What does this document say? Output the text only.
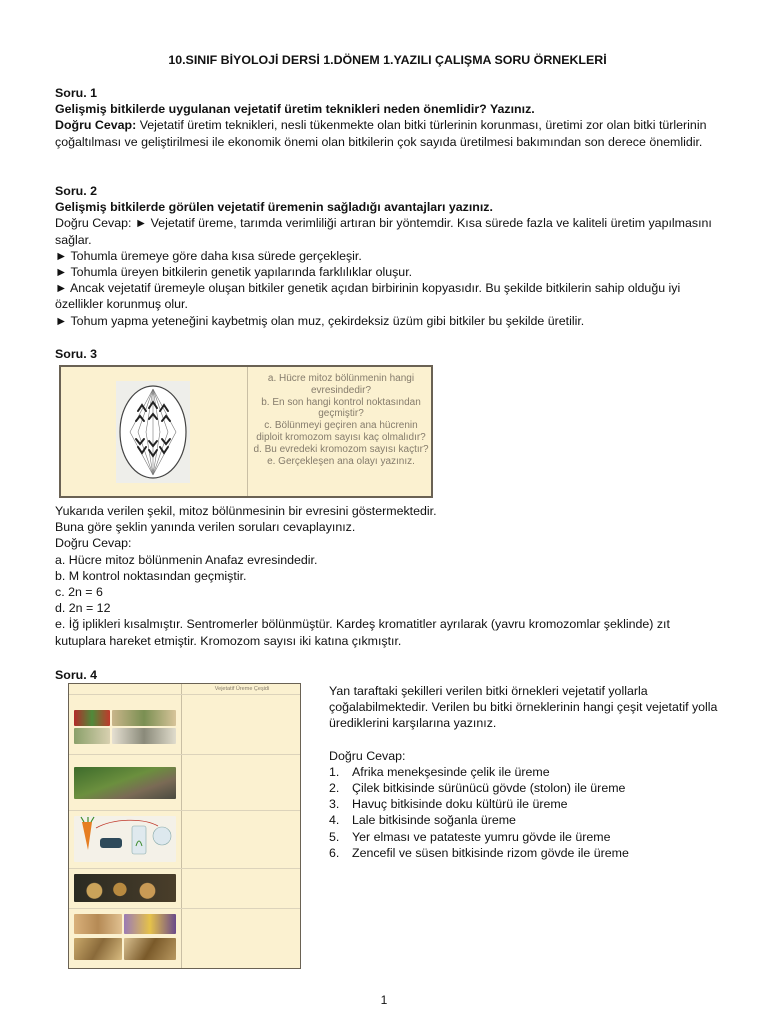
10.SINIF BİYOLOJİ DERSİ 1.DÖNEM 1.YAZILI ÇALIŞMA SORU ÖRNEKLERİ

Soru. 1

Gelişmiş bitkilerde uygulanan vejetatif üretim teknikleri neden önemlidir? Yazınız.

Doğru Cevap: Vejetatif üretim teknikleri, nesli tükenmekte olan bitki türlerinin korunması, üretimi zor olan bitki türlerinin çoğaltılması ve geliştirilmesi ile ekonomik önemi olan bitkilerin çok sayıda üretilmesi bakımından son derece önemlidir.

Soru. 2

Gelişmiş bitkilerde görülen vejetatif üremenin sağladığı avantajları yazınız.

Doğru Cevap: ► Vejetatif üreme, tarımda verimliliği artıran bir yöntemdir. Kısa sürede fazla ve kaliteli üretim yapılmasını sağlar.

► Tohumla üremeye göre daha kısa sürede gerçekleşir.

► Tohumla üreyen bitkilerin genetik yapılarında farklılıklar oluşur.

► Ancak vejetatif üremeyle oluşan bitkiler genetik açıdan birbirinin kopyasıdır. Bu şekilde bitkilerin sahip olduğu iyi özellikler korunmuş olur.

► Tohum yapma yeteneğini kaybetmiş olan muz, çekirdeksiz üzüm gibi bitkiler bu şekilde üretilir.

Soru. 3

a. Hücre mitoz bölünmenin hangi evresindedir?
b. En son hangi kontrol noktasından geçmiştir?
c. Bölünmeyi geçiren ana hücrenin diploit kromozom sayısı kaç olmalıdır?
d. Bu evredeki kromozom sayısı kaçtır?
e. Gerçekleşen ana olayı yazınız.

Yukarıda verilen şekil, mitoz bölünmesinin bir evresini göstermektedir.

Buna göre şeklin yanında verilen soruları cevaplayınız.

Doğru Cevap:

a. Hücre mitoz bölünmenin Anafaz evresindedir.

b. M kontrol noktasından geçmiştir.

c. 2n = 6

d. 2n = 12

e. İğ iplikleri kısalmıştır. Sentromerler bölünmüştür. Kardeş kromatitler ayrılarak (yavru kromozomlar şeklinde) zıt kutuplara hareket etmiştir. Kromozom sayısı iki katına çıkmıştır.

Soru. 4

Vejetatif Üreme Çeşidi	Yan taraftaki şekilleri verilen bitki örnekleri vejetatif yollarla çoğalabilmektedir. Verilen bu bitki örneklerinin hangi çeşit vejetatif yolla ürediklerini karşılarına yazınız.

Doğru Cevap:

1. Afrika menekşesinde çelik ile üreme
2. Çilek bitkisinde sürünücü gövde (stolon) ile üreme
3. Havuç bitkisinde doku kültürü ile üreme
4. Lale bitkisinde soğanla üreme
5. Yer elması ve patateste yumru gövde ile üreme
6. Zencefil ve süsen bitkisinde rizom gövde ile üreme
1
